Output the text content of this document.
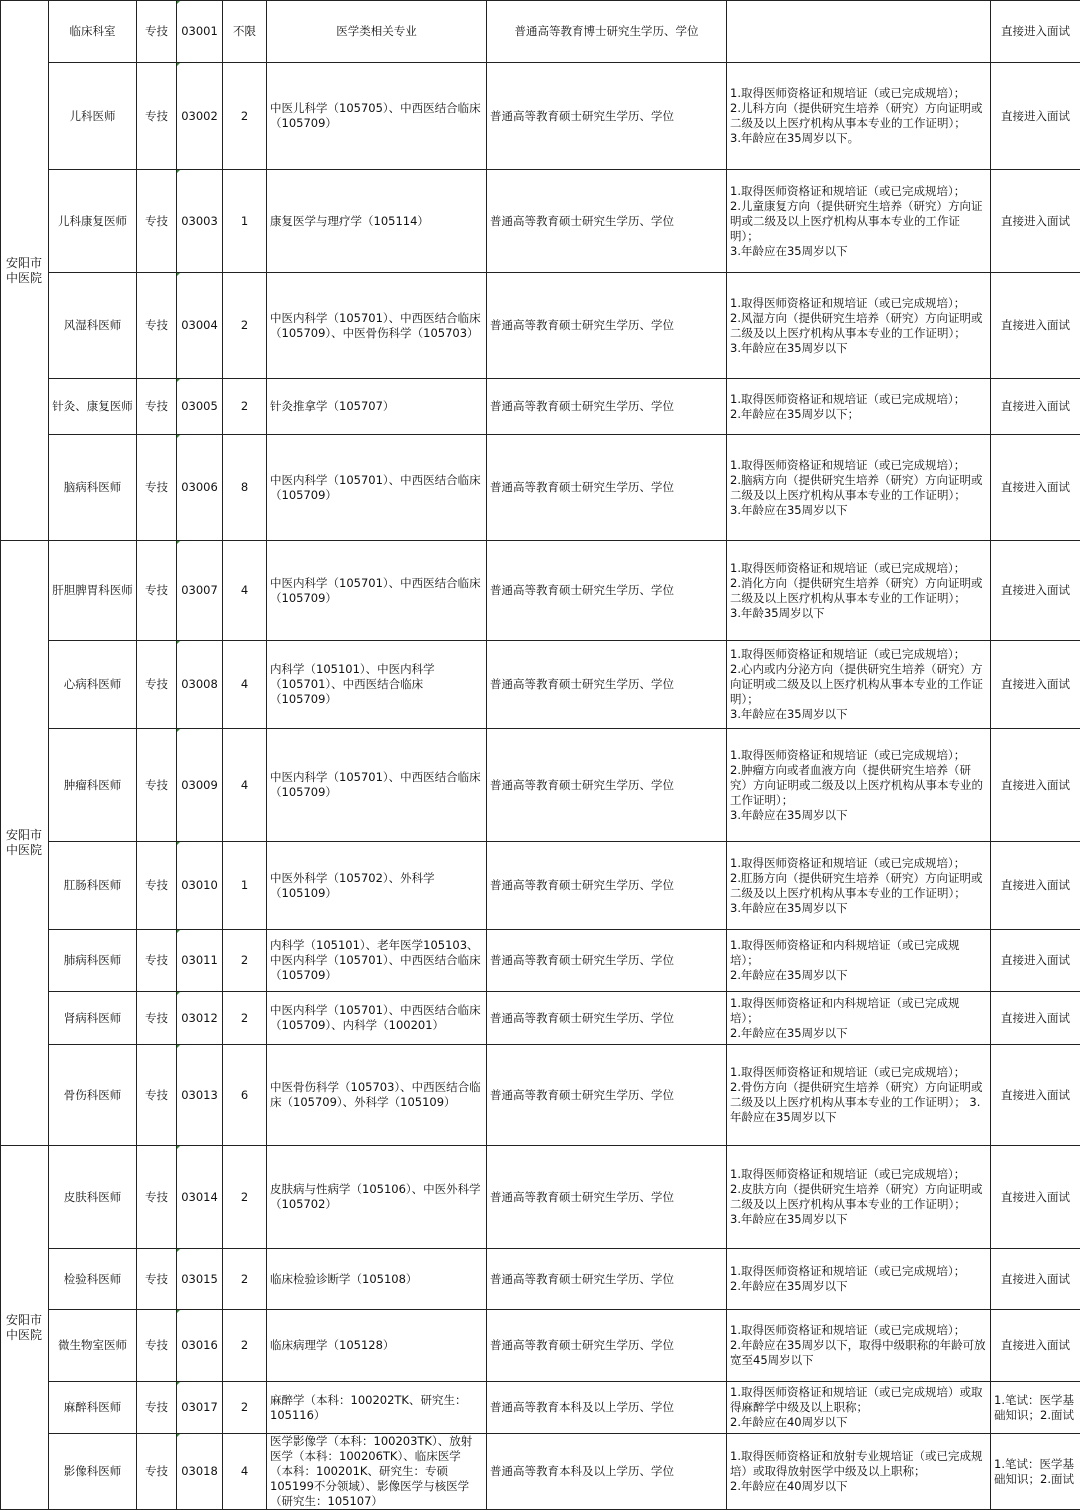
安阳市中医院	临床科室	专技	03001	不限	医学类相关专业	普通高等教育博士研究生学历、学位		直接进入面试
	儿科医师	专技	03002	2	中医儿科学（105705）、中西医结合临床（105709）	普通高等教育硕士研究生学历、学位	1.取得医师资格证和规培证（或已完成规培）；
2.儿科方向（提供研究生培养（研究）方向证明或二级及以上医疗机构从事本专业的工作证明）；
3.年龄应在35周岁以下。	直接进入面试
	儿科康复医师	专技	03003	1	康复医学与理疗学（105114）	普通高等教育硕士研究生学历、学位	1.取得医师资格证和规培证（或已完成规培）；
2.儿童康复方向（提供研究生培养（研究）方向证明或二级及以上医疗机构从事本专业的工作证明）；
3.年龄应在35周岁以下	直接进入面试
	风湿科医师	专技	03004	2	中医内科学（105701）、中西医结合临床（105709）、中医骨伤科学（105703）	普通高等教育硕士研究生学历、学位	1.取得医师资格证和规培证（或已完成规培）；
2.风湿方向（提供研究生培养（研究）方向证明或二级及以上医疗机构从事本专业的工作证明）；
3.年龄应在35周岁以下	直接进入面试
	针灸、康复医师	专技	03005	2	针灸推拿学（105707）	普通高等教育硕士研究生学历、学位	1.取得医师资格证和规培证（或已完成规培）；
2.年龄应在35周岁以下；	直接进入面试
	脑病科医师	专技	03006	8	中医内科学（105701）、中西医结合临床（105709）	普通高等教育硕士研究生学历、学位	1.取得医师资格证和规培证（或已完成规培）；
2.脑病方向（提供研究生培养（研究）方向证明或二级及以上医疗机构从事本专业的工作证明）；
3.年龄应在35周岁以下	直接进入面试
安阳市中医院	肝胆脾胃科医师	专技	03007	4	中医内科学（105701）、中西医结合临床（105709）	普通高等教育硕士研究生学历、学位	1.取得医师资格证和规培证（或已完成规培）；
2.消化方向（提供研究生培养（研究）方向证明或二级及以上医疗机构从事本专业的工作证明）；
3.年龄35周岁以下	直接进入面试
	心病科医师	专技	03008	4	内科学（105101）、中医内科学（105701）、中西医结合临床（105709）	普通高等教育硕士研究生学历、学位	1.取得医师资格证和规培证（或已完成规培）；
2.心内或内分泌方向（提供研究生培养（研究）方向证明或二级及以上医疗机构从事本专业的工作证明）；
3.年龄应在35周岁以下	直接进入面试
	肿瘤科医师	专技	03009	4	中医内科学（105701）、中西医结合临床（105709）	普通高等教育硕士研究生学历、学位	1.取得医师资格证和规培证（或已完成规培）；
2.肿瘤方向或者血液方向（提供研究生培养（研究）方向证明或二级及以上医疗机构从事本专业的工作证明）；
3.年龄应在35周岁以下	直接进入面试
	肛肠科医师	专技	03010	1	中医外科学（105702）、外科学（105109）	普通高等教育硕士研究生学历、学位	1.取得医师资格证和规培证（或已完成规培）；
2.肛肠方向（提供研究生培养（研究）方向证明或二级及以上医疗机构从事本专业的工作证明）；
3.年龄应在35周岁以下	直接进入面试
	肺病科医师	专技	03011	2	内科学（105101）、老年医学105103、中医内科学（105701）、中西医结合临床（105709）	普通高等教育硕士研究生学历、学位	1.取得医师资格证和内科规培证（或已完成规培）；
2.年龄应在35周岁以下	直接进入面试
	肾病科医师	专技	03012	2	中医内科学（105701）、中西医结合临床（105709）、内科学（100201）	普通高等教育硕士研究生学历、学位	1.取得医师资格证和内科规培证（或已完成规培）；
2.年龄应在35周岁以下	直接进入面试
	骨伤科医师	专技	03013	6	中医骨伤科学（105703）、中西医结合临床（105709）、外科学（105109）	普通高等教育硕士研究生学历、学位	1.取得医师资格证和规培证（或已完成规培）；
2.骨伤方向（提供研究生培养（研究）方向证明或二级及以上医疗机构从事本专业的工作证明）； 3.年龄应在35周岁以下	直接进入面试
安阳市中医院	皮肤科医师	专技	03014	2	皮肤病与性病学（105106）、中医外科学（105702）	普通高等教育硕士研究生学历、学位	1.取得医师资格证和规培证（或已完成规培）；
2.皮肤方向（提供研究生培养（研究）方向证明或二级及以上医疗机构从事本专业的工作证明）；
3.年龄应在35周岁以下	直接进入面试
	检验科医师	专技	03015	2	临床检验诊断学（105108）	普通高等教育硕士研究生学历、学位	1.取得医师资格证和规培证（或已完成规培）；
2.年龄应在35周岁以下	直接进入面试
	微生物室医师	专技	03016	2	临床病理学（105128）	普通高等教育硕士研究生学历、学位	1.取得医师资格证和规培证（或已完成规培）；
2.年龄应在35周岁以下，取得中级职称的年龄可放宽至45周岁以下	直接进入面试
	麻醉科医师	专技	03017	2	麻醉学（本科：100202TK、研究生：105116）	普通高等教育本科及以上学历、学位	1.取得医师资格证和规培证（或已完成规培）或取得麻醉学中级及以上职称；
2.年龄应在40周岁以下	1.笔试：医学基础知识；2.面试
	影像科医师	专技	03018	4	医学影像学（本科：100203TK）、放射医学（本科：100206TK）、临床医学（本科：100201K、研究生：专硕105199不分领域）、影像医学与核医学（研究生：105107）	普通高等教育本科及以上学历、学位	1.取得医师资格证和放射专业规培证（或已完成规培）或取得放射医学中级及以上职称；
2.年龄应在40周岁以下	1.笔试：医学基础知识；2.面试
